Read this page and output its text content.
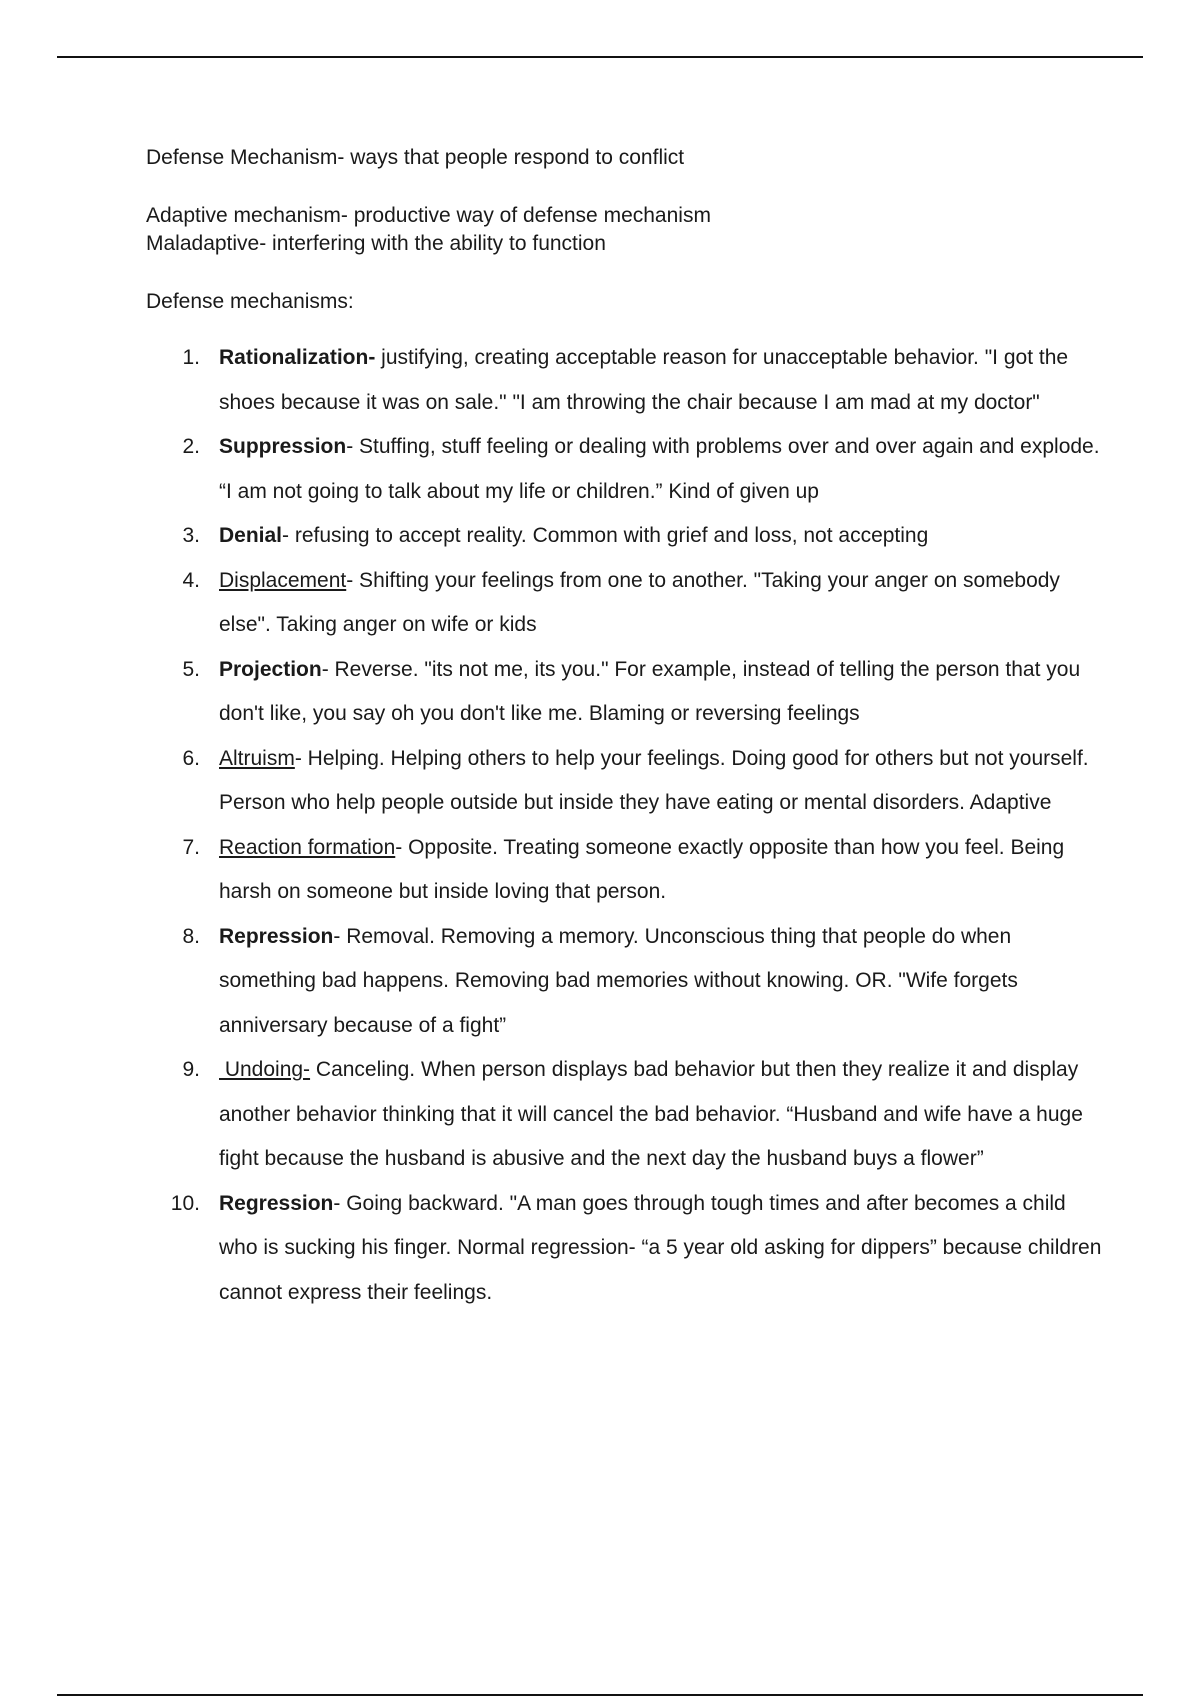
Defense Mechanism- ways that people respond to conflict

Adaptive mechanism- productive way of defense mechanism

Maladaptive- interfering with the ability to function

Defense mechanisms:

1. Rationalization- justifying, creating acceptable reason for unacceptable behavior. "I got the shoes because it was on sale." "I am throwing the chair because I am mad at my doctor"
2. Suppression- Stuffing, stuff feeling or dealing with problems over and over again and explode. “I am not going to talk about my life or children.” Kind of given up
3. Denial- refusing to accept reality. Common with grief and loss, not accepting
4. Displacement- Shifting your feelings from one to another. "Taking your anger on somebody else". Taking anger on wife or kids
5. Projection- Reverse. "its not me, its you." For example, instead of telling the person that you don't like, you say oh you don't like me. Blaming or reversing feelings
6. Altruism- Helping. Helping others to help your feelings. Doing good for others but not yourself. Person who help people outside but inside they have eating or mental disorders. Adaptive
7. Reaction formation- Opposite. Treating someone exactly opposite than how you feel. Being harsh on someone but inside loving that person.
8. Repression- Removal. Removing a memory. Unconscious thing that people do when something bad happens. Removing bad memories without knowing. OR. "Wife forgets anniversary because of a fight”
9. Undoing- Canceling. When person displays bad behavior but then they realize it and display another behavior thinking that it will cancel the bad behavior. “Husband and wife have a huge fight because the husband is abusive and the next day the husband buys a flower”
10. Regression- Going backward. "A man goes through tough times and after becomes a child who is sucking his finger. Normal regression- “a 5 year old asking for dippers” because children cannot express their feelings.
